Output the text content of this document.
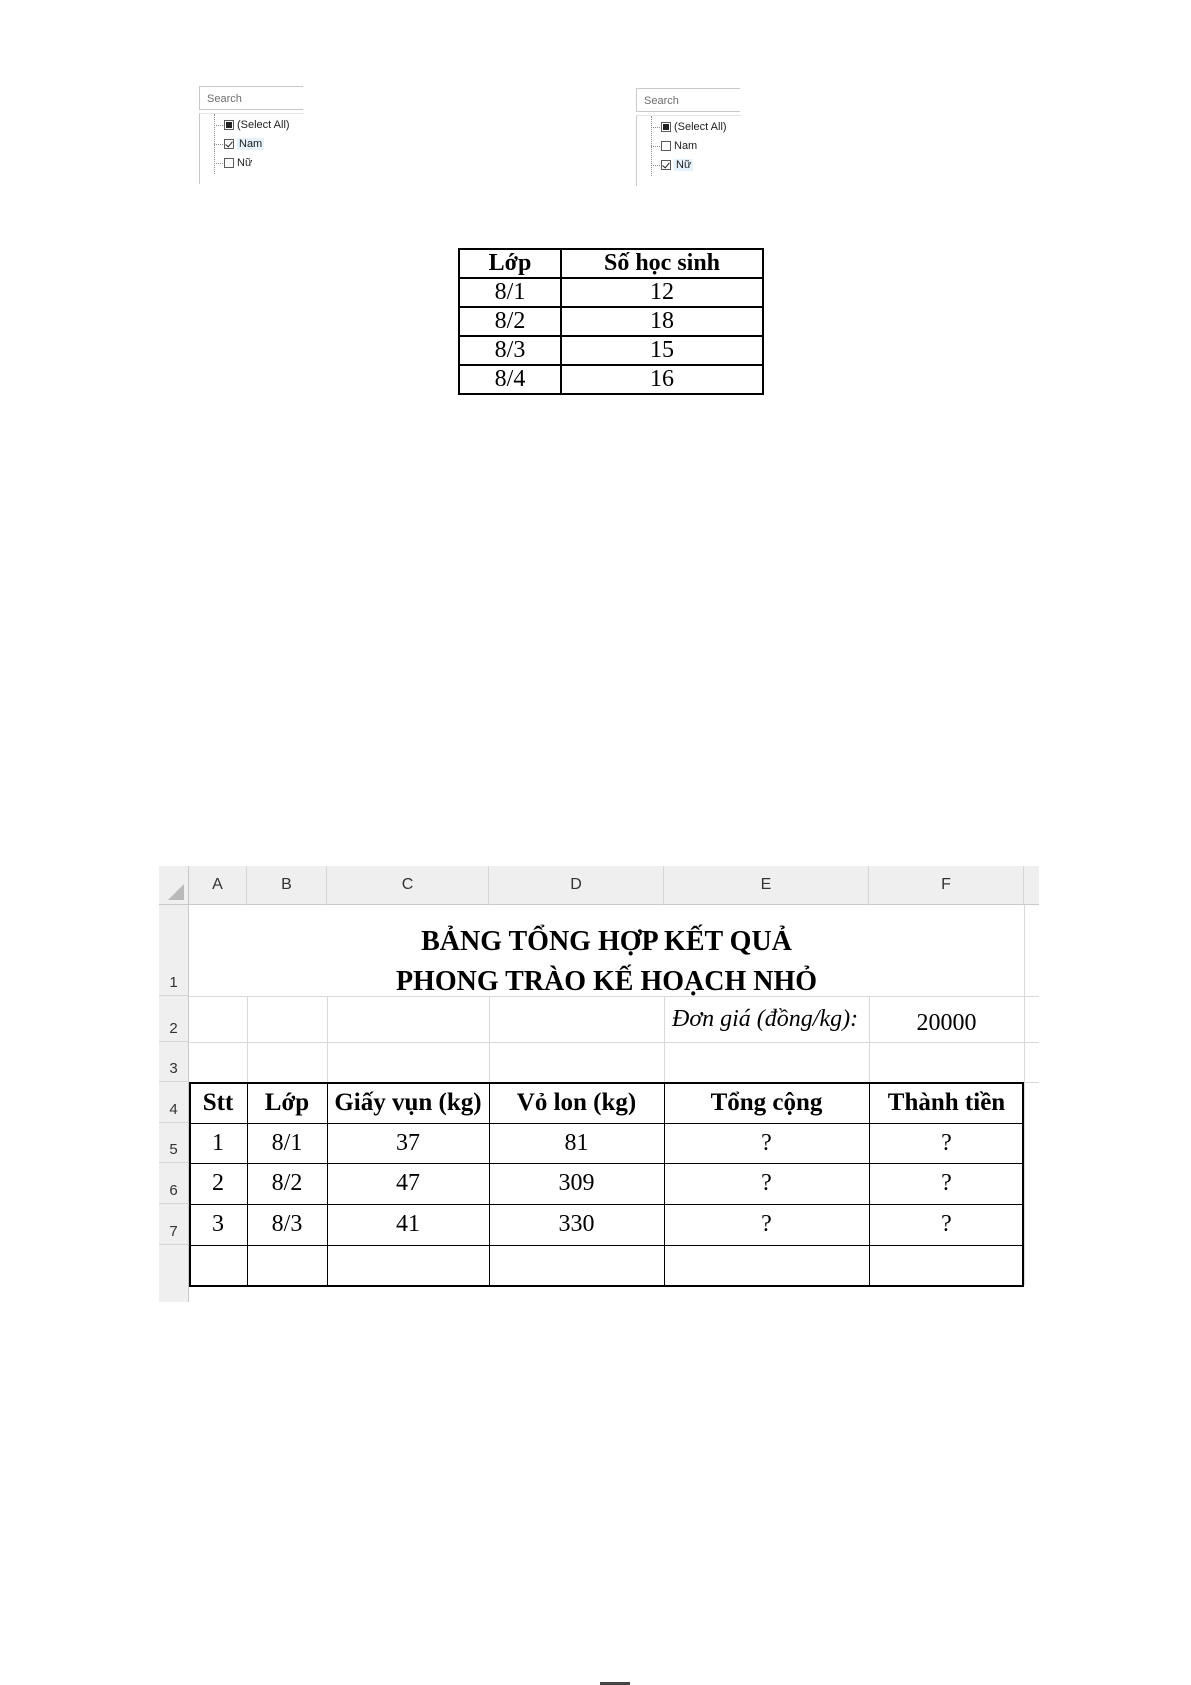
Search
(Select All)
Nam
Nữ
Search
(Select All)
Nam
Nữ
Lớp	Số học sinh
8/1	12
8/2	18
8/3	15
8/4	16
A	B	C	D	E	F
1
2
3
4
5
6
7
BẢNG TỔNG HỢP KẾT QUẢ
PHONG TRÀO KẾ HOẠCH NHỎ
Đơn giá (đồng/kg):	20000
Stt	Lớp	Giấy vụn (kg)	Vỏ lon (kg)	Tổng cộng	Thành tiền
1	8/1	37	81	?	?
2	8/2	47	309	?	?
3	8/3	41	330	?	?
